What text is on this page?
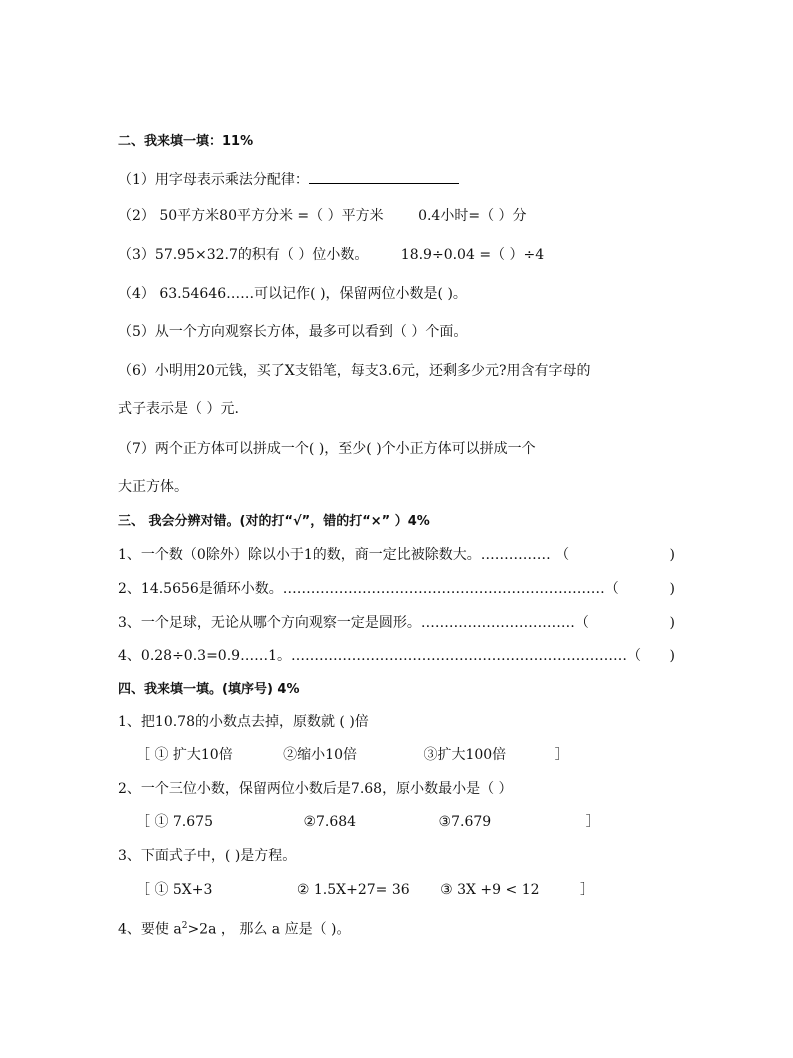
二、我来填一填：11%
（1）用字母表示乘法分配律：
（2） 50平方米80平方分米 =（ ）平方米 0.4小时=（ ）分
（3）57.95×32.7的积有（ ）位小数。 18.9÷0.04 =（ ）÷4
（4） 63.54646……可以记作( )，保留两位小数是( )。
（5）从一个方向观察长方体，最多可以看到（ ）个面。
（6）小明用20元钱，买了X支铅笔，每支3.6元，还剩多少元?用含有字母的
式子表示是（ ）元.
（7）两个正方体可以拼成一个( )，至少( )个小正方体可以拼成一个
大正方体。
三、 我会分辨对错。(对的打“√”，错的打“×” ）4%
1、一个数（0除外）除以小于1的数，商一定比被除数大。…………… （	)
2、14.5656是循环小数。……………………………………………………………（	)
3、一个足球，无论从哪个方向观察一定是圆形。……………………………（	)
4、0.28÷0.3=0.9……1。………………………………………………………………（ )
四、我来填一填。(填序号) 4%
1、把10.78的小数点去掉，原数就 ( )倍
［ ① 扩大10倍	②缩小10倍	③扩大100倍	］
2、一个三位小数，保留两位小数后是7.68，原小数最小是（ ）
［ ① 7.675	②7.684	③7.679	］
3、下面式子中，( )是方程。
［ ① 5X+3	② 1.5X+27= 36 ③ 3X +9 < 12	］
4、要使 $a^2>2a$ ， 那么 a 应是（ )。
